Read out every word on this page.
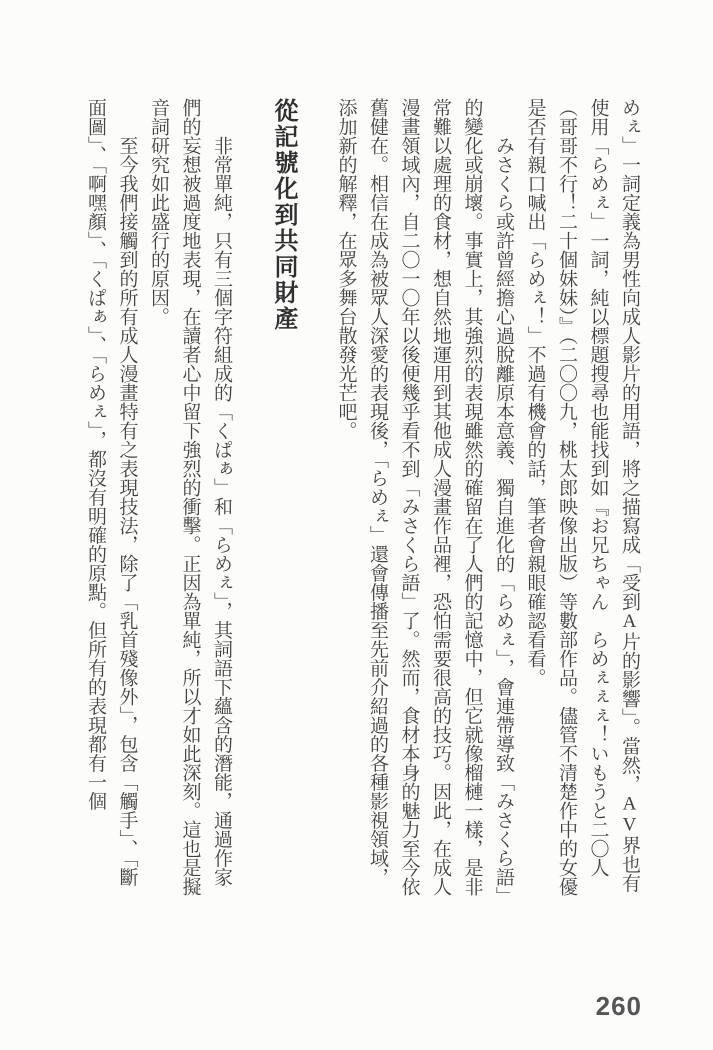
めぇ」一詞定義為男性向成人影片的用語，將之描寫成「受到A片的影響」。當然，AV界也有使用「らめぇ」一詞，純以標題搜尋也能找到如『お兄ちゃん　らめぇぇぇ！いもうと二〇人（哥哥不行！二十個妹妹）』（二〇〇九，桃太郎映像出版）等數部作品。儘管不清楚作中的女優是否有親口喊出「らめぇ！」不過有機會的話，筆者會親眼確認看看。

みさくら或許曾經擔心過脫離原本意義、獨自進化的「らめぇ」，會連帶導致「みさくら語」的變化或崩壞。事實上，其強烈的表現雖然的確留在了人們的記憶中，但它就像榴槤一樣，是非常難以處理的食材，想自然地運用到其他成人漫畫作品裡，恐怕需要很高的技巧。因此，在成人漫畫領域內，自二〇一〇年以後便幾乎看不到「みさくら語」了。然而，食材本身的魅力至今依舊健在。相信在成為被眾人深愛的表現後，「らめぇ」還會傳播至先前介紹過的各種影視領域，添加新的解釋，在眾多舞台散發光芒吧。

從記號化到共同財產

非常單純，只有三個字符組成的「くぱぁ」和「らめぇ」，其詞語下蘊含的潛能，通過作家們的妄想被過度地表現，在讀者心中留下強烈的衝擊。正因為單純，所以才如此深刻。這也是擬音詞研究如此盛行的原因。

至今我們接觸到的所有成人漫畫特有之表現技法，除了「乳首殘像外」，包含「觸手」、「斷面圖」、「啊嘿顏」、「くぱぁ」、「らめぇ」，都沒有明確的原點。但所有的表現都有一個

260
